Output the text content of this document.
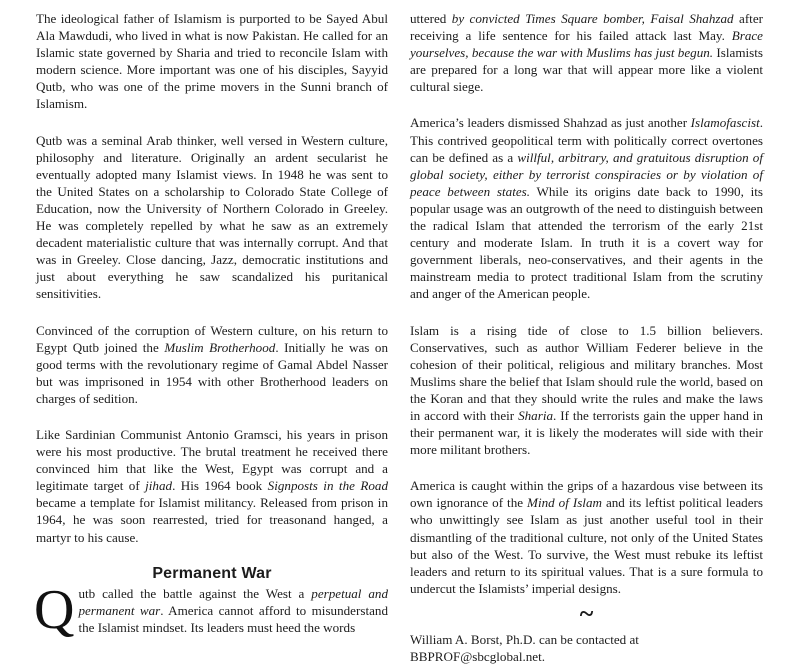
The ideological father of Islamism is purported to be Sayed Abul Ala Mawdudi, who lived in what is now Pakistan. He called for an Islamic state governed by Sharia and tried to reconcile Islam with modern science. More important was one of his disciples, Sayyid Qutb, who was one of the prime movers in the Sunni branch of Islamism.

Qutb was a seminal Arab thinker, well versed in Western culture, philosophy and literature. Originally an ardent secularist he eventually adopted many Islamist views. In 1948 he was sent to the United States on a scholarship to Colorado State College of Education, now the University of Northern Colorado in Greeley. He was completely repelled by what he saw as an extremely decadent materialistic culture that was internally corrupt. And that was in Greeley. Close dancing, Jazz, democratic institutions and just about everything he saw scandalized his puritanical sensitivities.

Convinced of the corruption of Western culture, on his return to Egypt Qutb joined the Muslim Brotherhood. Initially he was on good terms with the revolutionary regime of Gamal Abdel Nasser but was imprisoned in 1954 with other Brotherhood leaders on charges of sedition.

Like Sardinian Communist Antonio Gramsci, his years in prison were his most productive. The brutal treatment he received there convinced him that like the West, Egypt was corrupt and a legitimate target of jihad. His 1964 book Signposts in the Road became a template for Islamist militancy. Released from prison in 1964, he was soon rearrested, tried for treasonand hanged, a martyr to his cause.

Permanent War

Qutb called the battle against the West a perpetual and permanent war. America cannot afford to misunderstand the Islamist mindset. Its leaders must heed the words

uttered by convicted Times Square bomber, Faisal Shahzad after receiving a life sentence for his failed attack last May. Brace yourselves, because the war with Muslims has just begun. Islamists are prepared for a long war that will appear more like a violent cultural siege.

America’s leaders dismissed Shahzad as just another Islamofascist. This contrived geopolitical term with politically correct overtones can be defined as a willful, arbitrary, and gratuitous disruption of global society, either by terrorist conspiracies or by violation of peace between states. While its origins date back to 1990, its popular usage was an outgrowth of the need to distinguish between the radical Islam that attended the terrorism of the early 21st century and moderate Islam. In truth it is a covert way for government liberals, neo-conservatives, and their agents in the mainstream media to protect traditional Islam from the scrutiny and anger of the American people.

Islam is a rising tide of close to 1.5 billion believers. Conservatives, such as author William Federer believe in the cohesion of their political, religious and military branches. Most Muslims share the belief that Islam should rule the world, based on the Koran and that they should write the rules and make the laws in accord with their Sharia. If the terrorists gain the upper hand in their permanent war, it is likely the moderates will side with their more militant brothers.

America is caught within the grips of a hazardous vise between its own ignorance of the Mind of Islam and its leftist political leaders who unwittingly see Islam as just another useful tool in their dismantling of the traditional culture, not only of the United States but also of the West. To survive, the West must rebuke its leftist leaders and return to its spiritual values. That is a sure formula to undercut the Islamists’ imperial designs.

~
William A. Borst, Ph.D. can be contacted at BBPROF@sbcglobal.net.
